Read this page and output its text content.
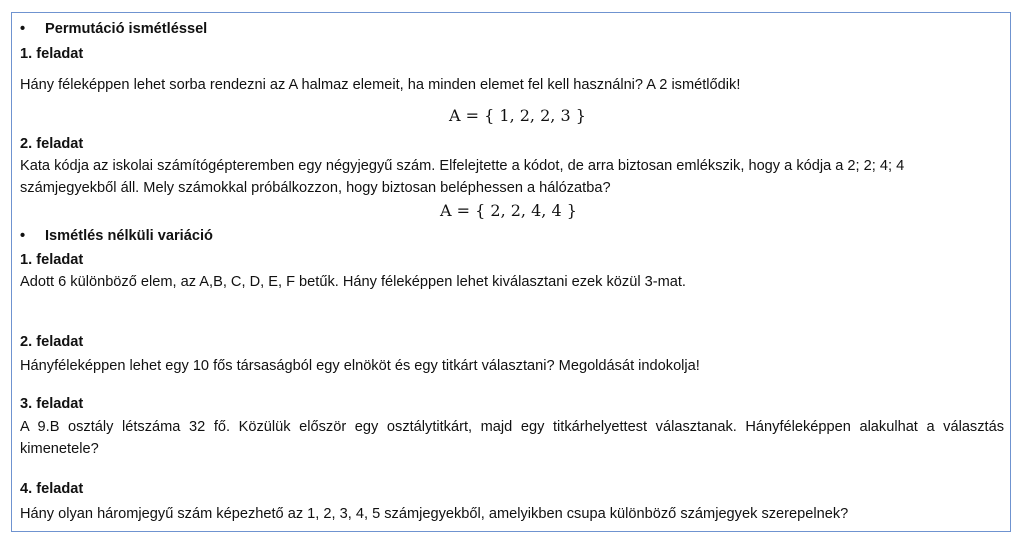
•	Permutáció ismétléssel
1. feladat
Hány féleképpen lehet sorba rendezni az A halmaz elemeit, ha minden elemet fel kell használni? A 2 ismétlődik!
A = { 1, 2, 2, 3 }
2. feladat
Kata kódja az iskolai számítógépteremben egy négyjegyű szám. Elfelejtette a kódot, de arra biztosan emlékszik, hogy a kódja a 2; 2; 4; 4
számjegyekből áll. Mely számokkal próbálkozzon, hogy biztosan beléphessen a hálózatba?
A = { 2, 2, 4, 4 }
•	Ismétlés nélküli variáció
1. feladat
Adott 6 különböző elem, az A,B, C, D, E, F betűk. Hány féleképpen lehet kiválasztani ezek közül 3-mat.
2. feladat
Hányféleképpen lehet egy 10 fős társaságból egy elnököt és egy titkárt választani? Megoldását indokolja!
3. feladat
A 9.B osztály létszáma 32 fő. Közülük először egy osztálytitkárt, majd egy titkárhelyettest választanak. Hányféleképpen alakulhat a választás kimenetele?
4. feladat
Hány olyan háromjegyű szám képezhető az 1, 2, 3, 4, 5 számjegyekből, amelyikben csupa különböző számjegyek szerepelnek?
